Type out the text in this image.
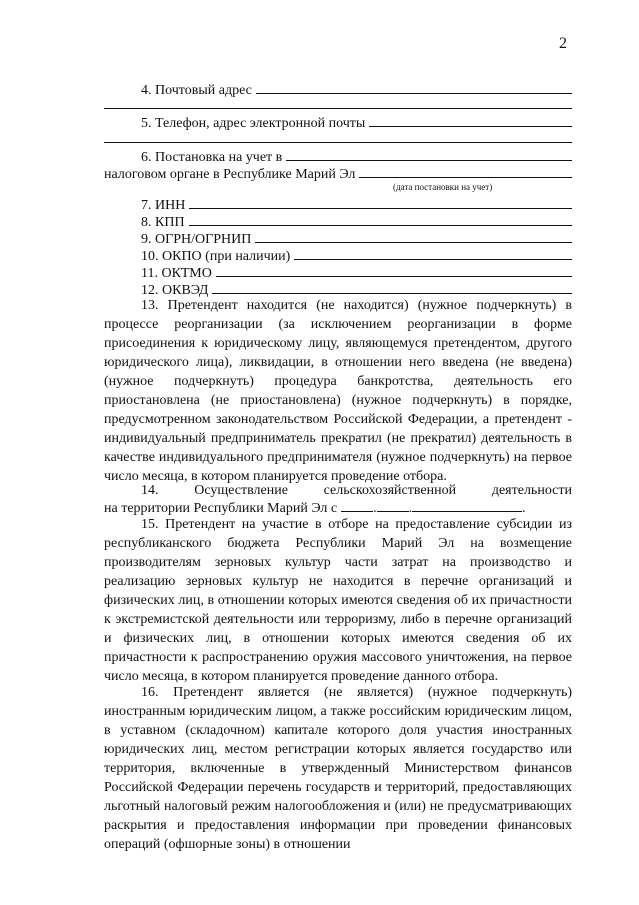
2
4. Почтовый адрес
5. Телефон, адрес электронной почты
6. Постановка на учет в
налоговом органе в Республике Марий Эл
(дата постановки на учет)
7. ИНН
8. КПП
9. ОГРН/ОГРНИП
10. ОКПО (при наличии)
11. ОКТМО
12. ОКВЭД

13. Претендент находится (не находится) (нужное подчеркнуть) в процессе реорганизации (за исключением реорганизации в форме присоединения к юридическому лицу, являющемуся претендентом, другого юридического лица), ликвидации, в отношении него введена (не введена) (нужное подчеркнуть) процедура банкротства, деятельность его приостановлена (не приостановлена) (нужное подчеркнуть) в порядке, предусмотренном законодательством Российской Федерации, а претендент - индивидуальный предприниматель прекратил (не прекратил) деятельность в качестве индивидуального предпринимателя (нужное подчеркнуть) на первое число месяца, в котором планируется проведение отбора.

14. Осуществление сельскохозяйственной деятельности
на территории Республики Марий Эл с	. .	.

15. Претендент на участие в отборе на предоставление субсидии из республиканского бюджета Республики Марий Эл на возмещение производителям зерновых культур части затрат на производство и реализацию зерновых культур не находится в перечне организаций и физических лиц, в отношении которых имеются сведения об их причастности к экстремистской деятельности или терроризму, либо в перечне организаций и физических лиц, в отношении которых имеются сведения об их причастности к распространению оружия массового уничтожения, на первое число месяца, в котором планируется проведение данного отбора.

16. Претендент является (не является) (нужное подчеркнуть) иностранным юридическим лицом, а также российским юридическим лицом, в уставном (складочном) капитале которого доля участия иностранных юридических лиц, местом регистрации которых является государство или территория, включенные в утвержденный Министерством финансов Российской Федерации перечень государств и территорий, предоставляющих льготный налоговый режим налогообложения и (или) не предусматривающих раскрытия и предоставления информации при проведении финансовых операций (офшорные зоны) в отношении
